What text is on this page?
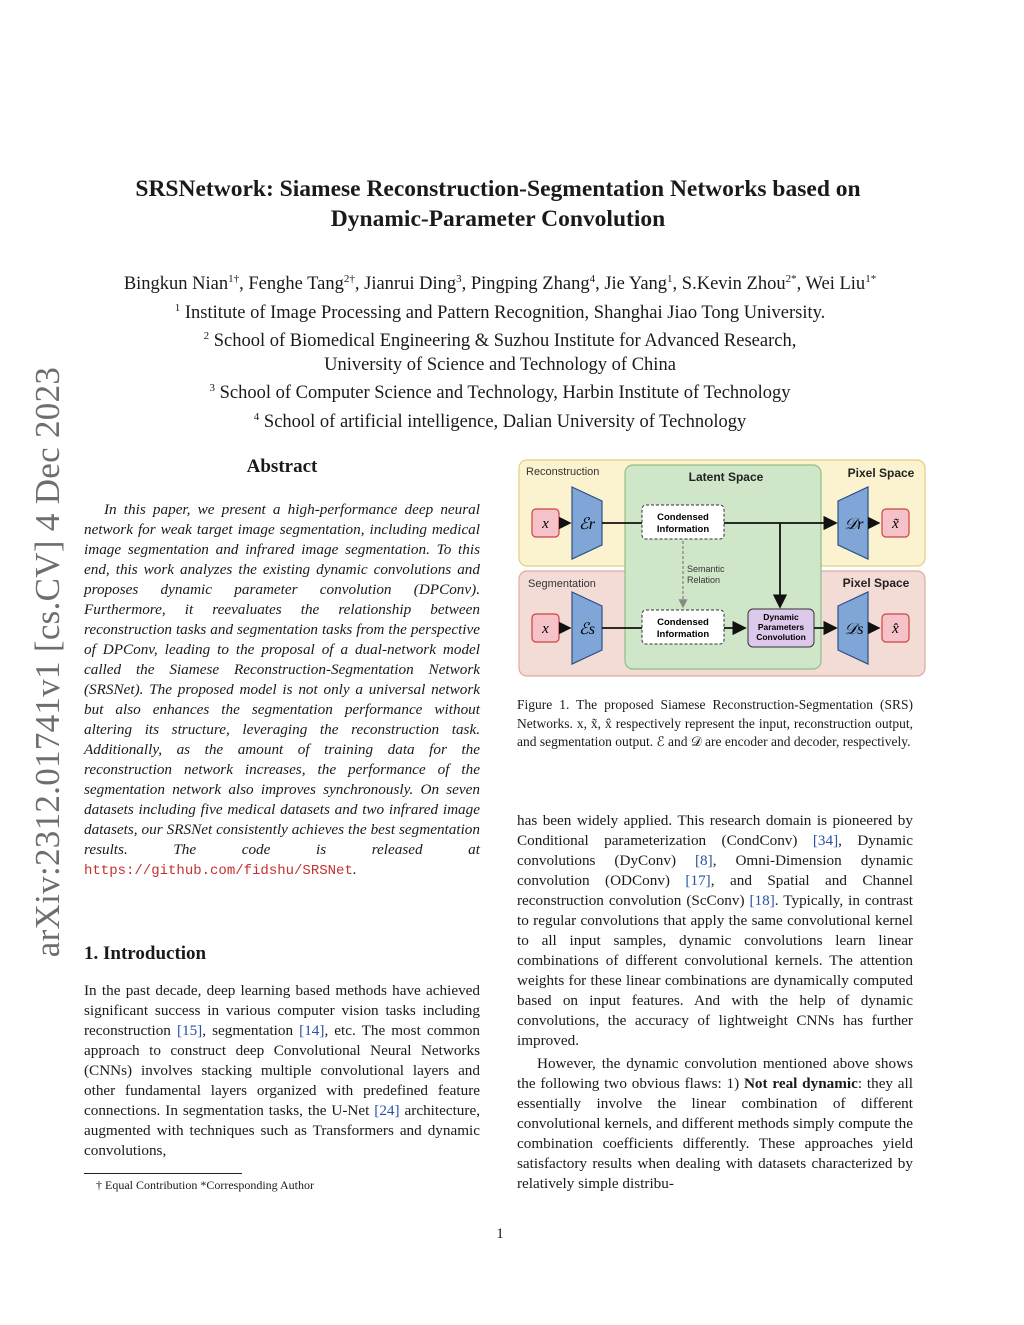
arXiv:2312.01741v1 [cs.CV] 4 Dec 2023
SRSNetwork: Siamese Reconstruction-Segmentation Networks based on
Dynamic-Parameter Convolution
Bingkun Nian$^{1\dagger}$, Fenghe Tang$^{2\dagger}$, Jianrui Ding$^3$, Pingping Zhang$^4$, Jie Yang$^1$, S.Kevin Zhou$^{2*}$, Wei Liu$^{1*}$
$^1$ Institute of Image Processing and Pattern Recognition, Shanghai Jiao Tong University.
$^2$ School of Biomedical Engineering & Suzhou Institute for Advanced Research,
University of Science and Technology of China
$^3$ School of Computer Science and Technology, Harbin Institute of Technology
$^4$ School of artificial intelligence, Dalian University of Technology
Abstract
In this paper, we present a high-performance deep neural network for weak target image segmentation, including medical image segmentation and infrared image segmentation. To this end, this work analyzes the existing dynamic convolutions and proposes dynamic parameter convolution (DPConv). Furthermore, it reevaluates the relationship between reconstruction tasks and segmentation tasks from the perspective of DPConv, leading to the proposal of a dual-network model called the Siamese Reconstruction-Segmentation Network (SRSNet). The proposed model is not only a universal network but also enhances the segmentation performance without altering its structure, leveraging the reconstruction task. Additionally, as the amount of training data for the reconstruction network increases, the performance of the segmentation network also improves synchronously. On seven datasets including five medical datasets and two infrared image datasets, our SRSNet consistently achieves the best segmentation results. The code is released at https://github.com/fidshu/SRSNet.
1. Introduction
In the past decade, deep learning based methods have achieved significant success in various computer vision tasks including reconstruction [15], segmentation [14], etc. The most common approach to construct deep Convolutional Neural Networks (CNNs) involves stacking multiple convolutional layers and other fundamental layers organized with predefined feature connections. In segmentation tasks, the U-Net [24] architecture, augmented with techniques such as Transformers and dynamic convolutions,
† Equal Contribution *Corresponding Author
Reconstruction
Segmentation
Latent Space	Pixel Space
Pixel Space
x ℰr	Condensed
Information	𝒟r x̃
Semantic
Relation
x ℰs	Condensed
Information
Dynamic
Parameters
Convolution 𝒟s x̂
Figure 1. The proposed Siamese Reconstruction-Segmentation (SRS) Networks. x, x̃, x̂ respectively represent the input, reconstruction output, and segmentation output. ℰ and 𝒟 are encoder and decoder, respectively.
has been widely applied. This research domain is pioneered by Conditional parameterization (CondConv) [34], Dynamic convolutions (DyConv) [8], Omni-Dimension dynamic convolution (ODConv) [17], and Spatial and Channel reconstruction convolution (ScConv) [18]. Typically, in contrast to regular convolutions that apply the same convolutional kernel to all input samples, dynamic convolutions learn linear combinations of different convolutional kernels. The attention weights for these linear combinations are dynamically computed based on input features. And with the help of dynamic convolutions, the accuracy of lightweight CNNs has further improved.
However, the dynamic convolution mentioned above shows the following two obvious flaws: 1) Not real dynamic: they all essentially involve the linear combination of different convolutional kernels, and different methods simply compute the combination coefficients differently. These approaches yield satisfactory results when dealing with datasets characterized by relatively simple distribu-
1
